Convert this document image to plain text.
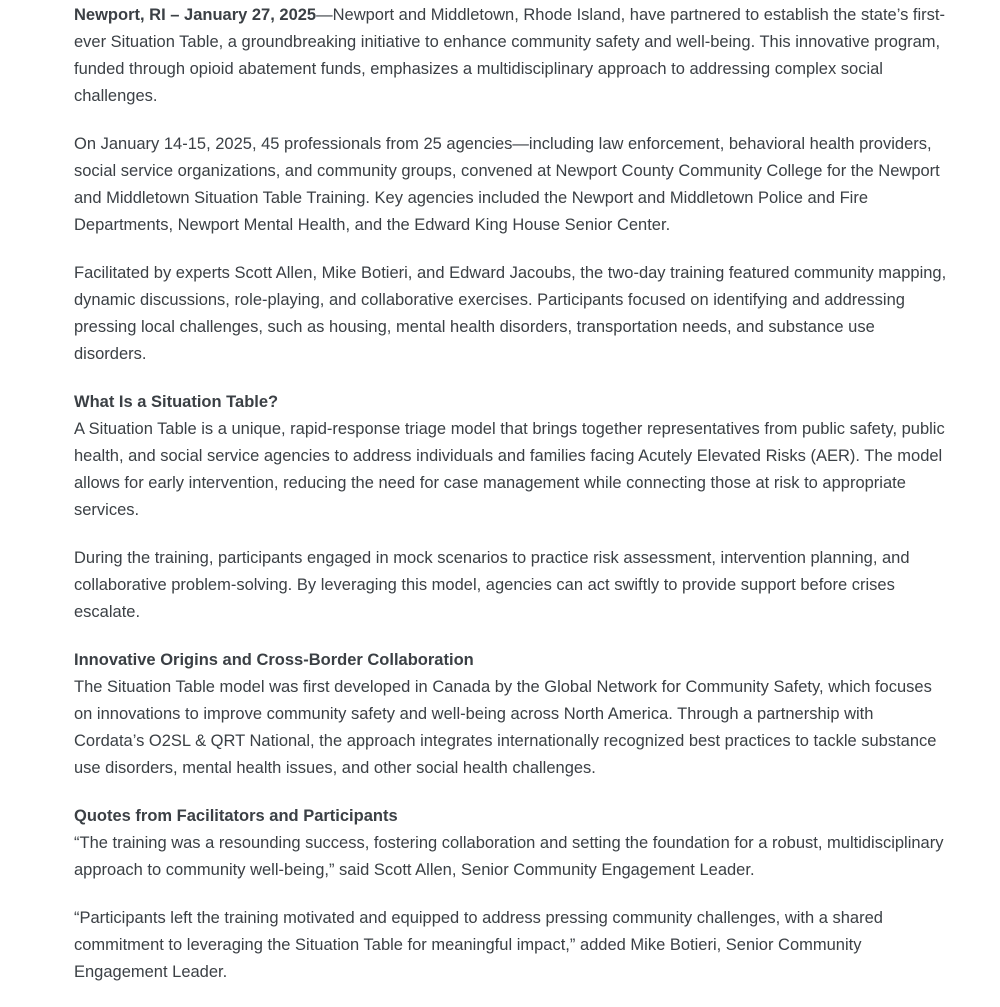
Newport, RI – January 27, 2025—Newport and Middletown, Rhode Island, have partnered to establish the state’s first-ever Situation Table, a groundbreaking initiative to enhance community safety and well-being. This innovative program, funded through opioid abatement funds, emphasizes a multidisciplinary approach to addressing complex social challenges.

On January 14-15, 2025, 45 professionals from 25 agencies—including law enforcement, behavioral health providers, social service organizations, and community groups, convened at Newport County Community College for the Newport and Middletown Situation Table Training. Key agencies included the Newport and Middletown Police and Fire Departments, Newport Mental Health, and the Edward King House Senior Center.

Facilitated by experts Scott Allen, Mike Botieri, and Edward Jacoubs, the two-day training featured community mapping, dynamic discussions, role-playing, and collaborative exercises. Participants focused on identifying and addressing pressing local challenges, such as housing, mental health disorders, transportation needs, and substance use disorders.

What Is a Situation Table?

A Situation Table is a unique, rapid-response triage model that brings together representatives from public safety, public health, and social service agencies to address individuals and families facing Acutely Elevated Risks (AER). The model allows for early intervention, reducing the need for case management while connecting those at risk to appropriate services.

During the training, participants engaged in mock scenarios to practice risk assessment, intervention planning, and collaborative problem-solving. By leveraging this model, agencies can act swiftly to provide support before crises escalate.

Innovative Origins and Cross-Border Collaboration

The Situation Table model was first developed in Canada by the Global Network for Community Safety, which focuses on innovations to improve community safety and well-being across North America. Through a partnership with Cordata’s O2SL & QRT National, the approach integrates internationally recognized best practices to tackle substance use disorders, mental health issues, and other social health challenges.

Quotes from Facilitators and Participants

“The training was a resounding success, fostering collaboration and setting the foundation for a robust, multidisciplinary approach to community well-being,” said Scott Allen, Senior Community Engagement Leader.

“Participants left the training motivated and equipped to address pressing community challenges, with a shared commitment to leveraging the Situation Table for meaningful impact,” added Mike Botieri, Senior Community Engagement Leader.
